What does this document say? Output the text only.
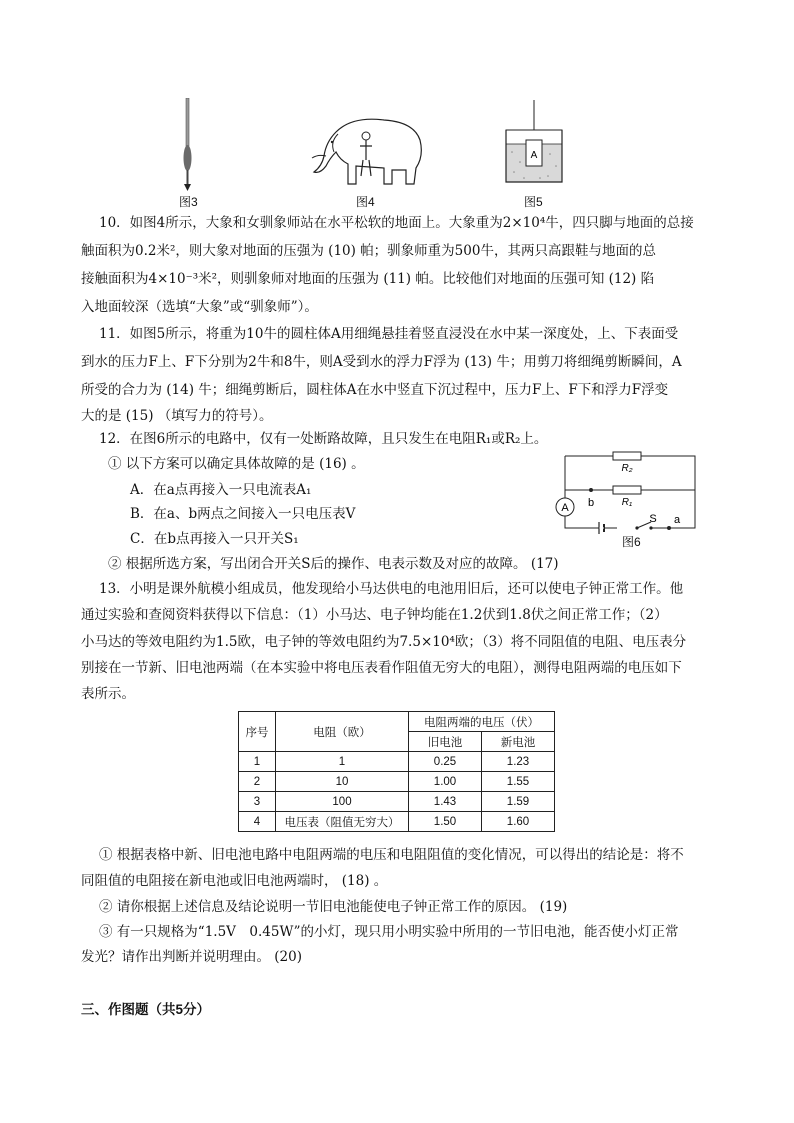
图3	图4
A
图5
10．如图4所示，大象和女驯象师站在水平松软的地面上。大象重为2×10⁴牛，四只脚与地面的总接
触面积为0.2米²，则大象对地面的压强为 (10) 帕；驯象师重为500牛，其两只高跟鞋与地面的总
接触面积为4×10⁻³米²，则驯象师对地面的压强为 (11) 帕。比较他们对地面的压强可知 (12) 陷
入地面较深（选填“大象”或“驯象师”）。
11．如图5所示，将重为10牛的圆柱体A用细绳悬挂着竖直浸没在水中某一深度处，上、下表面受
到水的压力F上、F下分别为2牛和8牛，则A受到水的浮力F浮为 (13) 牛；用剪刀将细绳剪断瞬间，A
所受的合力为 (14) 牛；细绳剪断后，圆柱体A在水中竖直下沉过程中，压力F上、F下和浮力F浮变
大的是 (15) （填写力的符号）。
12．在图6所示的电路中，仅有一处断路故障，且只发生在电阻R₁或R₂上。
① 以下方案可以确定具体故障的是 (16) 。
A．在a点再接入一只电流表A₁
B．在a、b两点之间接入一只电压表V
C．在b点再接入一只开关S₁
② 根据所选方案，写出闭合开关S后的操作、电表示数及对应的故障。 (17)
R₂
R₁
A b
S a
图6
13．小明是课外航模小组成员，他发现给小马达供电的电池用旧后，还可以使电子钟正常工作。他
通过实验和查阅资料获得以下信息：（1）小马达、电子钟均能在1.2伏到1.8伏之间正常工作；（2）
小马达的等效电阻约为1.5欧，电子钟的等效电阻约为7.5×10⁴欧；（3）将不同阻值的电阻、电压表分
别接在一节新、旧电池两端（在本实验中将电压表看作阻值无穷大的电阻），测得电阻两端的电压如下
表所示。
序号	电阻（欧）	电阻两端的电压（伏）	
		旧电池	新电池
1	1	0.25	1.23
2	10	1.00	1.55
3	100	1.43	1.59
4	电压表（阻值无穷大）	1.50	1.60
① 根据表格中新、旧电池电路中电阻两端的电压和电阻阻值的变化情况，可以得出的结论是：将不
同阻值的电阻接在新电池或旧电池两端时， (18) 。
② 请你根据上述信息及结论说明一节旧电池能使电子钟正常工作的原因。 (19)
③ 有一只规格为“1.5V　0.45W”的小灯，现只用小明实验中所用的一节旧电池，能否使小灯正常
发光？请作出判断并说明理由。 (20)
三、作图题（共5分）
